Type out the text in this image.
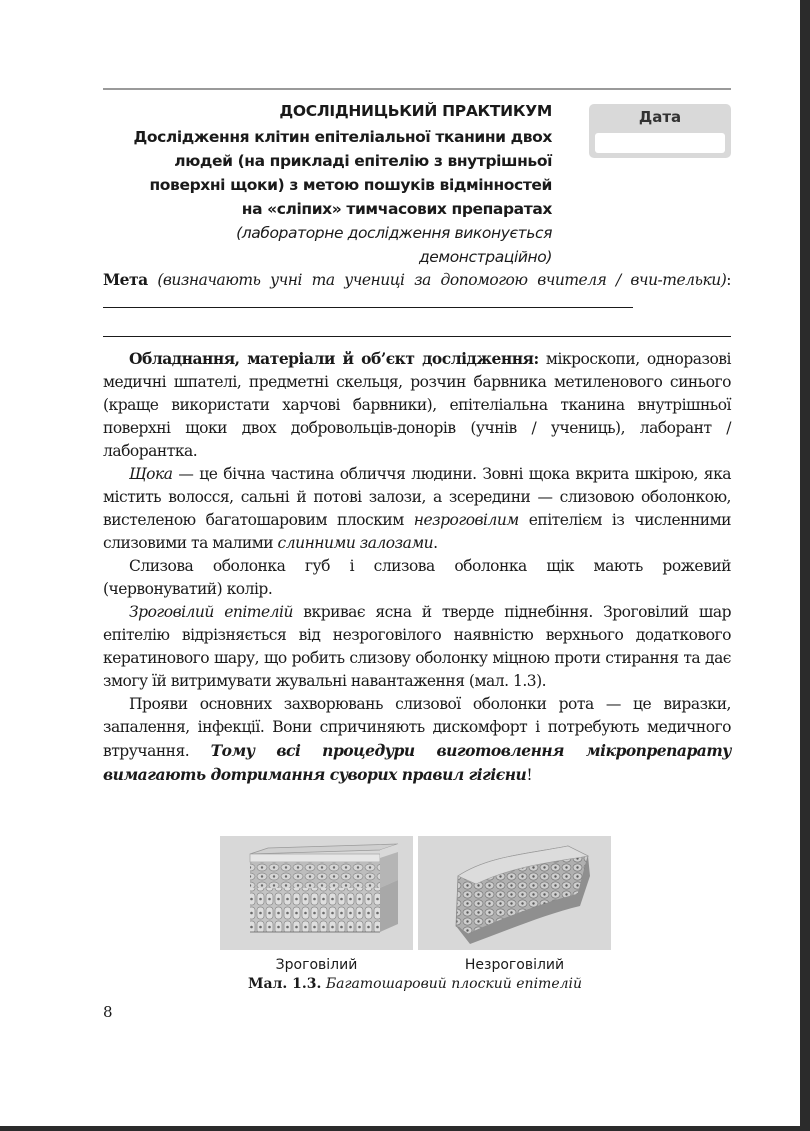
ДОСЛІДНИЦЬКИЙ ПРАКТИКУМ
Дослідження клітин епітеліальної тканини двох
людей (на прикладі епітелію з внутрішньої
поверхні щоки) з метою пошуків відмінностей
на «сліпих» тимчасових препаратах
(лабораторне дослідження виконується
демонстраційно)
Дата
Мета (визначають учні та учениці за допомогою вчителя / вчи-тельки):

Обладнання, матеріали й об’єкт дослідження: мікроскопи, одноразові медичні шпателі, предметні скельця, розчин барвника метиленового синього (краще використати харчові барвники), епітеліальна тканина внутрішньої поверхні щоки двох добровольців-донорів (учнів / учениць), лаборант / лаборантка.

Щока — це бічна частина обличчя людини. Зовні щока вкрита шкірою, яка містить волосся, сальні й потові залози, а зсередини — слизовою оболонкою, вистеленою багатошаровим плоским незроговілим епітелієм із численними слизовими та малими слинними залозами.

Слизова оболонка губ і слизова оболонка щік мають рожевий (червонуватий) колір.

Зроговілий епітелій вкриває ясна й тверде піднебіння. Зроговілий шар епітелію відрізняється від незроговілого наявністю верхнього додаткового кератинового шару, що робить слизову оболонку міцною проти стирання та дає змогу їй витримувати жувальні навантаження (мал. 1.3).

Прояви основних захворювань слизової оболонки рота — це виразки, запалення, інфекції. Вони спричиняють дискомфорт і потребують медичного втручання. Тому всі процедури виготовлення мікропрепарату вимагають дотримання суворих правил гігієни!

Зроговілий	Незроговілий
Мал. 1.3. Багатошаровий плоский епітелій
8
